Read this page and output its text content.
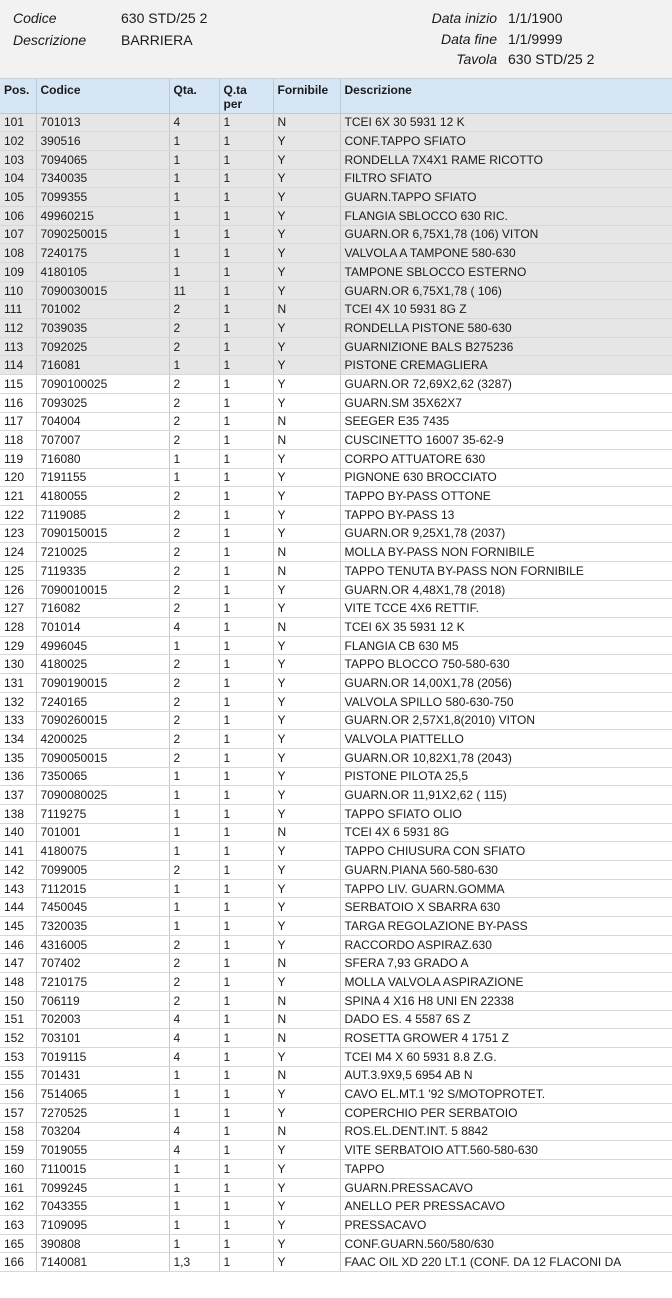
Codice	630 STD/25 2
Descrizione BARRIERA
Data inizio 1/1/1900
Data fine 1/1/9999
Tavola 630 STD/25 2
Pos.	Codice	Qta.	Q.ta per	Fornibile	Descrizione
101	701013	4	1	N	TCEI 6X 30 5931 12 K
102	390516	1	1	Y	CONF.TAPPO SFIATO
103	7094065	1	1	Y	RONDELLA 7X4X1 RAME RICOTTO
104	7340035	1	1	Y	FILTRO SFIATO
105	7099355	1	1	Y	GUARN.TAPPO SFIATO
106	49960215	1	1	Y	FLANGIA SBLOCCO 630 RIC.
107	7090250015	1	1	Y	GUARN.OR 6,75X1,78 (106) VITON
108	7240175	1	1	Y	VALVOLA A TAMPONE 580-630
109	4180105	1	1	Y	TAMPONE SBLOCCO ESTERNO
110	7090030015	11	1	Y	GUARN.OR 6,75X1,78 ( 106)
111	701002	2	1	N	TCEI 4X 10 5931 8G Z
112	7039035	2	1	Y	RONDELLA PISTONE 580-630
113	7092025	2	1	Y	GUARNIZIONE BALS B275236
114	716081	1	1	Y	PISTONE CREMAGLIERA
115	7090100025	2	1	Y	GUARN.OR 72,69X2,62 (3287)
116	7093025	2	1	Y	GUARN.SM 35X62X7
117	704004	2	1	N	SEEGER E35 7435
118	707007	2	1	N	CUSCINETTO 16007 35-62-9
119	716080	1	1	Y	CORPO ATTUATORE 630
120	7191155	1	1	Y	PIGNONE 630 BROCCIATO
121	4180055	2	1	Y	TAPPO BY-PASS OTTONE
122	7119085	2	1	Y	TAPPO BY-PASS 13
123	7090150015	2	1	Y	GUARN.OR 9,25X1,78 (2037)
124	7210025	2	1	N	MOLLA BY-PASS NON FORNIBILE
125	7119335	2	1	N	TAPPO TENUTA BY-PASS NON FORNIBILE
126	7090010015	2	1	Y	GUARN.OR 4,48X1,78 (2018)
127	716082	2	1	Y	VITE TCCE 4X6 RETTIF.
128	701014	4	1	N	TCEI 6X 35 5931 12 K
129	4996045	1	1	Y	FLANGIA CB 630 M5
130	4180025	2	1	Y	TAPPO BLOCCO 750-580-630
131	7090190015	2	1	Y	GUARN.OR 14,00X1,78 (2056)
132	7240165	2	1	Y	VALVOLA SPILLO 580-630-750
133	7090260015	2	1	Y	GUARN.OR 2,57X1,8(2010) VITON
134	4200025	2	1	Y	VALVOLA PIATTELLO
135	7090050015	2	1	Y	GUARN.OR 10,82X1,78 (2043)
136	7350065	1	1	Y	PISTONE PILOTA 25,5
137	7090080025	1	1	Y	GUARN.OR 11,91X2,62 ( 115)
138	7119275	1	1	Y	TAPPO SFIATO OLIO
140	701001	1	1	N	TCEI 4X 6 5931 8G
141	4180075	1	1	Y	TAPPO CHIUSURA CON SFIATO
142	7099005	2	1	Y	GUARN.PIANA 560-580-630
143	7112015	1	1	Y	TAPPO LIV. GUARN.GOMMA
144	7450045	1	1	Y	SERBATOIO X SBARRA 630
145	7320035	1	1	Y	TARGA REGOLAZIONE BY-PASS
146	4316005	2	1	Y	RACCORDO ASPIRAZ.630
147	707402	2	1	N	SFERA 7,93 GRADO A
148	7210175	2	1	Y	MOLLA VALVOLA ASPIRAZIONE
150	706119	2	1	N	SPINA 4 X16 H8 UNI EN 22338
151	702003	4	1	N	DADO ES. 4 5587 6S Z
152	703101	4	1	N	ROSETTA GROWER 4 1751 Z
153	7019115	4	1	Y	TCEI M4 X 60 5931 8.8 Z.G.
155	701431	1	1	N	AUT.3.9X9,5 6954 AB N
156	7514065	1	1	Y	CAVO EL.MT.1 '92 S/MOTOPROTET.
157	7270525	1	1	Y	COPERCHIO PER SERBATOIO
158	703204	4	1	N	ROS.EL.DENT.INT. 5 8842
159	7019055	4	1	Y	VITE SERBATOIO ATT.560-580-630
160	7110015	1	1	Y	TAPPO
161	7099245	1	1	Y	GUARN.PRESSACAVO
162	7043355	1	1	Y	ANELLO PER PRESSACAVO
163	7109095	1	1	Y	PRESSACAVO
165	390808	1	1	Y	CONF.GUARN.560/580/630
166	7140081	1,3	1	Y	FAAC OIL XD 220 LT.1 (CONF. DA 12 FLACONI DA
